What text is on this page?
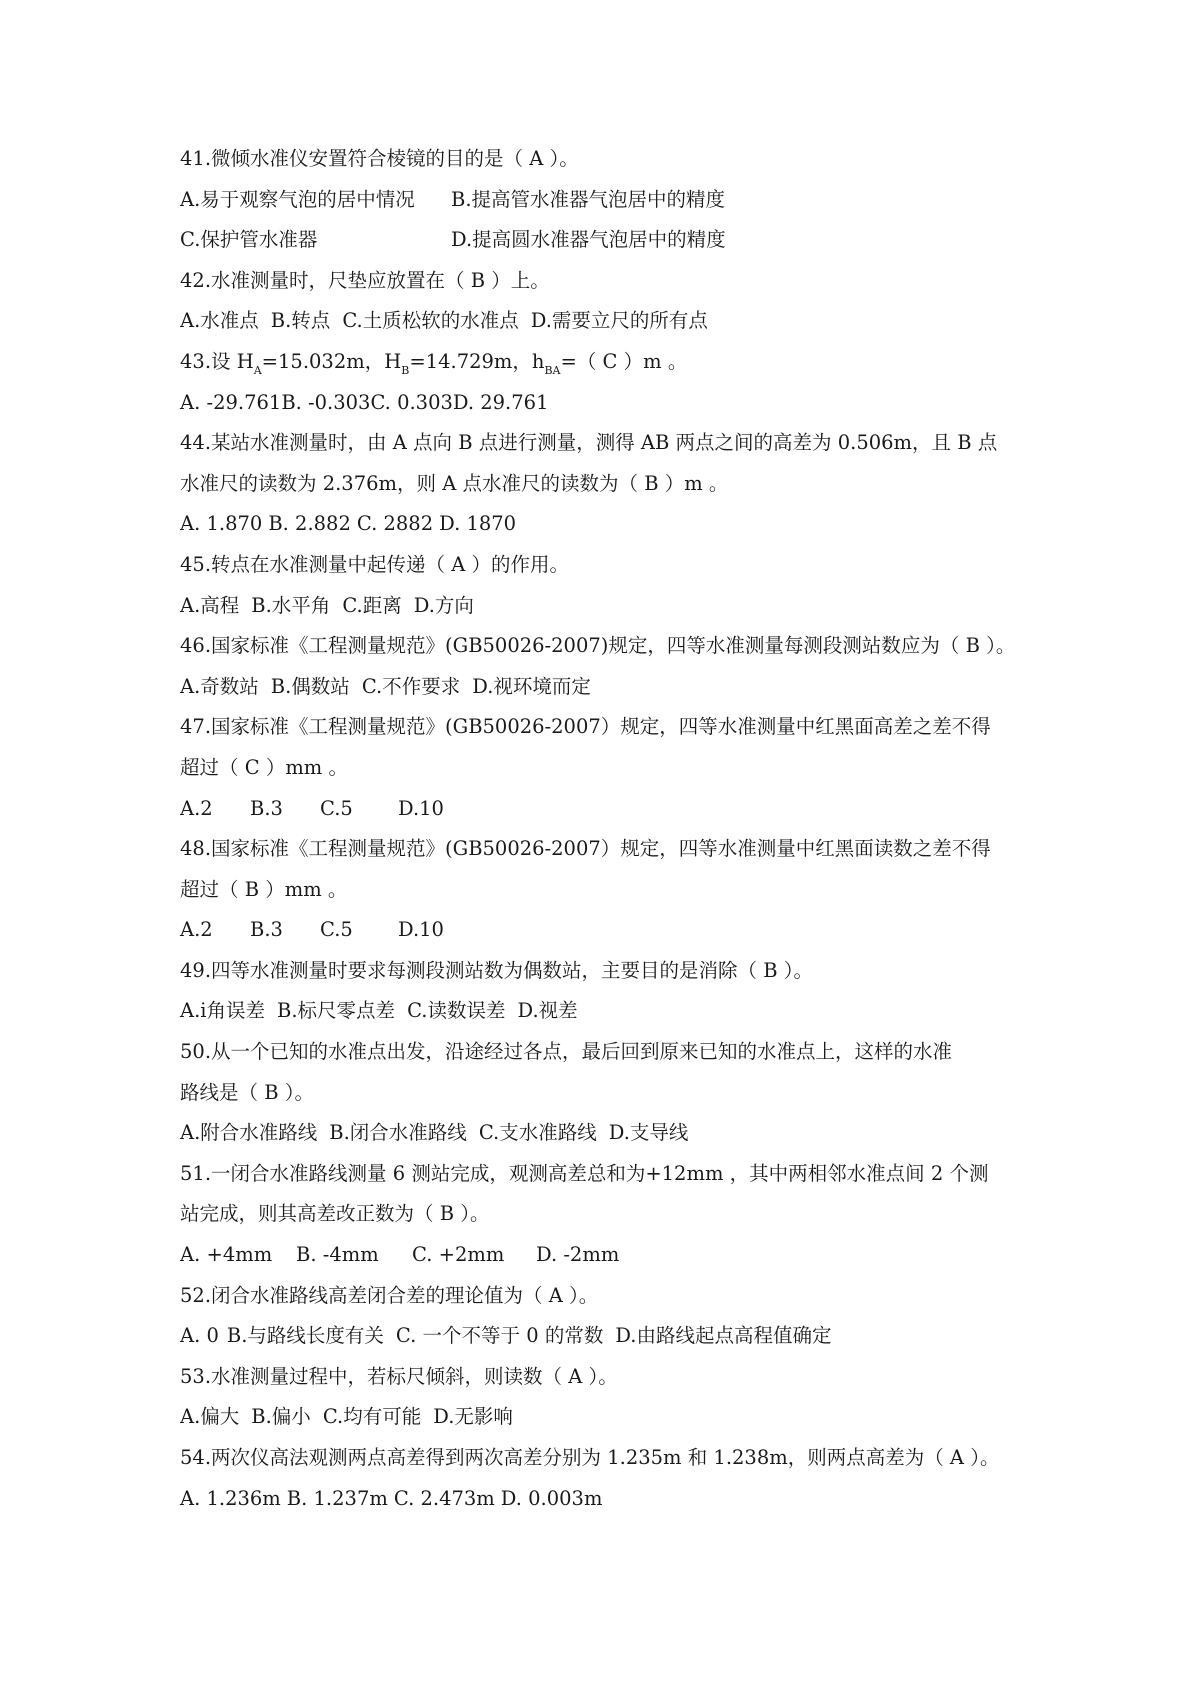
41.微倾水准仪安置符合棱镜的目的是（ A ）。
A.易于观察气泡的居中情况	B.提高管水准器气泡居中的精度
C.保护管水准器	D.提高圆水准器气泡居中的精度
42.水准测量时，尺垫应放置在（ B ）上。
A.水准点 B.转点 C.土质松软的水准点 D.需要立尺的所有点
43.设 $H_A=15.032m$，$H_B=14.729m$，$h_{BA}=$（ C ）m 。
A. -29.761 B. -0.303 C. 0.303 D. 29.761
44.某站水准测量时，由 A 点向 B 点进行测量，测得 AB 两点之间的高差为 0.506m，且 B 点
水准尺的读数为 2.376m，则 A 点水准尺的读数为（ B ）m 。
A. 1.870 B. 2.882 C. 2882 D. 1870
45.转点在水准测量中起传递（ A ）的作用。
A.高程 B.水平角 C.距离 D.方向
46.国家标准《工程测量规范》(GB50026-2007)规定，四等水准测量每测段测站数应为（ B ）。
A.奇数站 B.偶数站 C.不作要求 D.视环境而定
47.国家标准《工程测量规范》(GB50026-2007）规定，四等水准测量中红黑面高差之差不得
超过（ C ）mm 。
A.2	B.3	C.5	D.10
48.国家标准《工程测量规范》(GB50026-2007）规定，四等水准测量中红黑面读数之差不得
超过（ B ）mm 。
A.2	B.3	C.5	D.10
49.四等水准测量时要求每测段测站数为偶数站，主要目的是消除（ B ）。
A.i角误差 B.标尺零点差 C.读数误差 D.视差
50.从一个已知的水准点出发，沿途经过各点，最后回到原来已知的水准点上，这样的水准
路线是（ B ）。
A.附合水准路线 B.闭合水准路线 C.支水准路线 D.支导线
51.一闭合水准路线测量 6 测站完成，观测高差总和为+12mm ，其中两相邻水准点间 2 个测
站完成，则其高差改正数为（ B ）。
A. +4mm	B. -4mm	C. +2mm	D. -2mm
52.闭合水准路线高差闭合差的理论值为（ A ）。
A. 0 B.与路线长度有关 C. 一个不等于 0 的常数 D.由路线起点高程值确定
53.水准测量过程中，若标尺倾斜，则读数（ A ）。
A.偏大 B.偏小 C.均有可能 D.无影响
54.两次仪高法观测两点高差得到两次高差分别为 1.235m 和 1.238m，则两点高差为（ A ）。
A. 1.236m B. 1.237m C. 2.473m D. 0.003m
